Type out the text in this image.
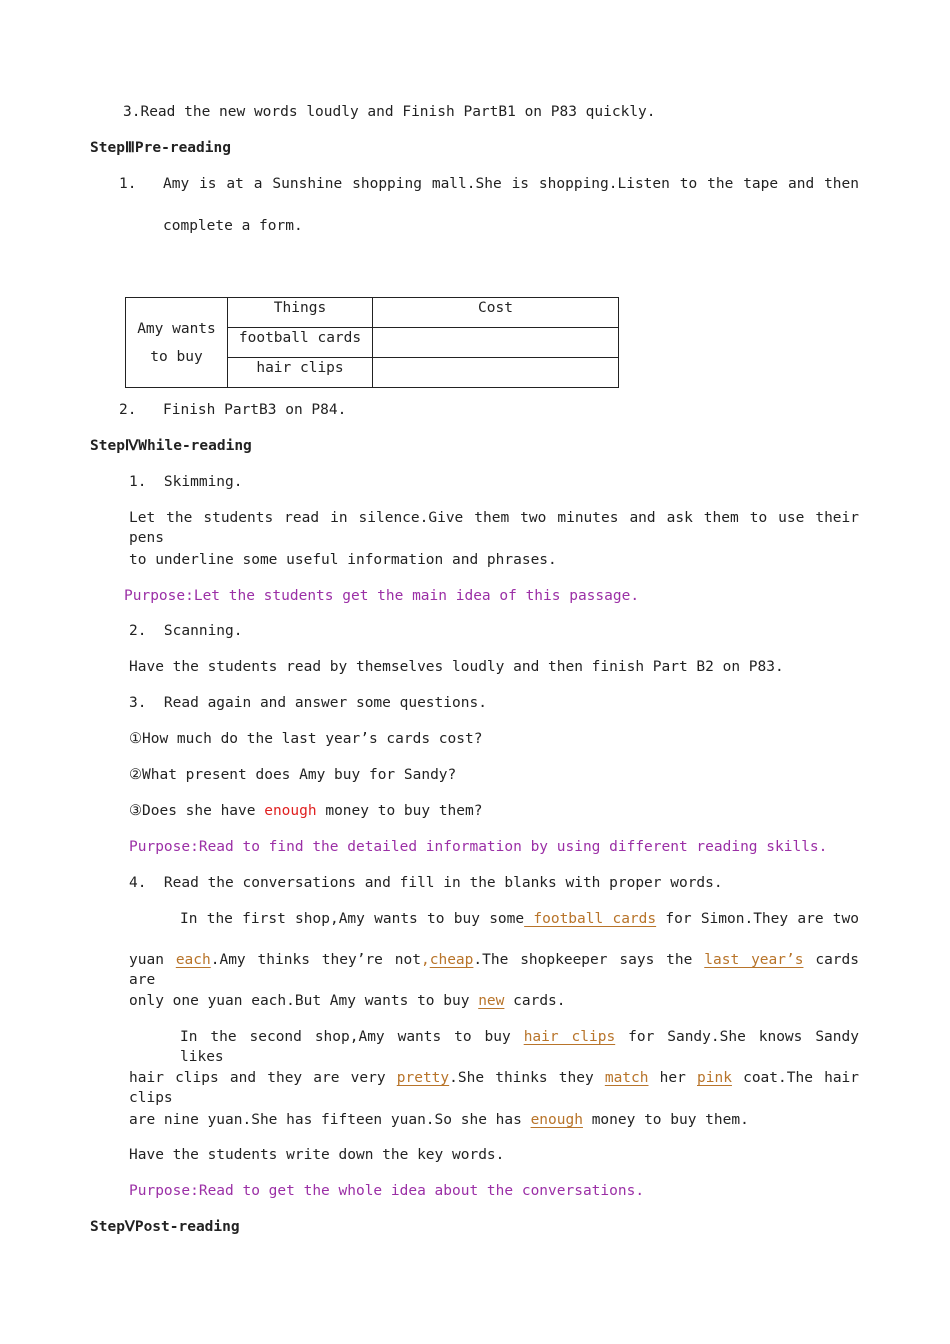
3.Read the new words loudly and Finish PartB1 on P83 quickly.
StepⅢPre-reading
1. Amy is at a Sunshine shopping mall.She is shopping.Listen to the tape and then
complete a form.
Amy wants to buy	Things	Cost
	football cards	
	hair clips	
2. Finish PartB3 on P84.
StepⅣWhile-reading
1.  Skimming.
Let the students read in silence.Give them two minutes and ask them to use their pens
to underline some useful information and phrases.
Purpose:Let the students get the main idea of this passage.
2.  Scanning.
Have the students read by themselves loudly and then finish Part B2 on P83.
3.  Read again and answer some questions.
①How much do the last year’s cards cost?
②What present does Amy buy for Sandy?
③Does she have enough money to buy them?
Purpose:Read to find the detailed information by using different reading skills.
4.  Read the conversations and fill in the blanks with proper words.
In the first shop,Amy wants to buy some football cards for Simon.They are two
yuan each.Amy thinks they’re not,cheap.The shopkeeper says the last year’s cards are
only one yuan each.But Amy wants to buy new cards.
In the second shop,Amy wants to buy hair clips for Sandy.She knows Sandy likes
hair clips and they are very pretty.She thinks they match her pink coat.The hair clips
are nine yuan.She has fifteen yuan.So she has enough money to buy them.
Have the students write down the key words.
Purpose:Read to get the whole idea about the conversations.
StepⅤPost-reading
